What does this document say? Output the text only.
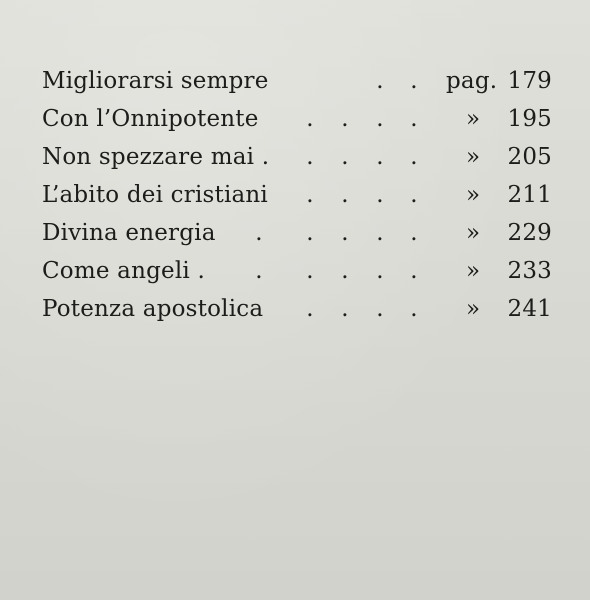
Migliorarsi sempre	. . pag. 179
Con l’Onnipotente . . . . » 195
Non spezzare mai . . . . . » 205
L’abito dei cristiani . . . . » 211
Divina energia . . . . . » 229
Come angeli . . . . . . » 233
Potenza apostolica . . . . » 241
